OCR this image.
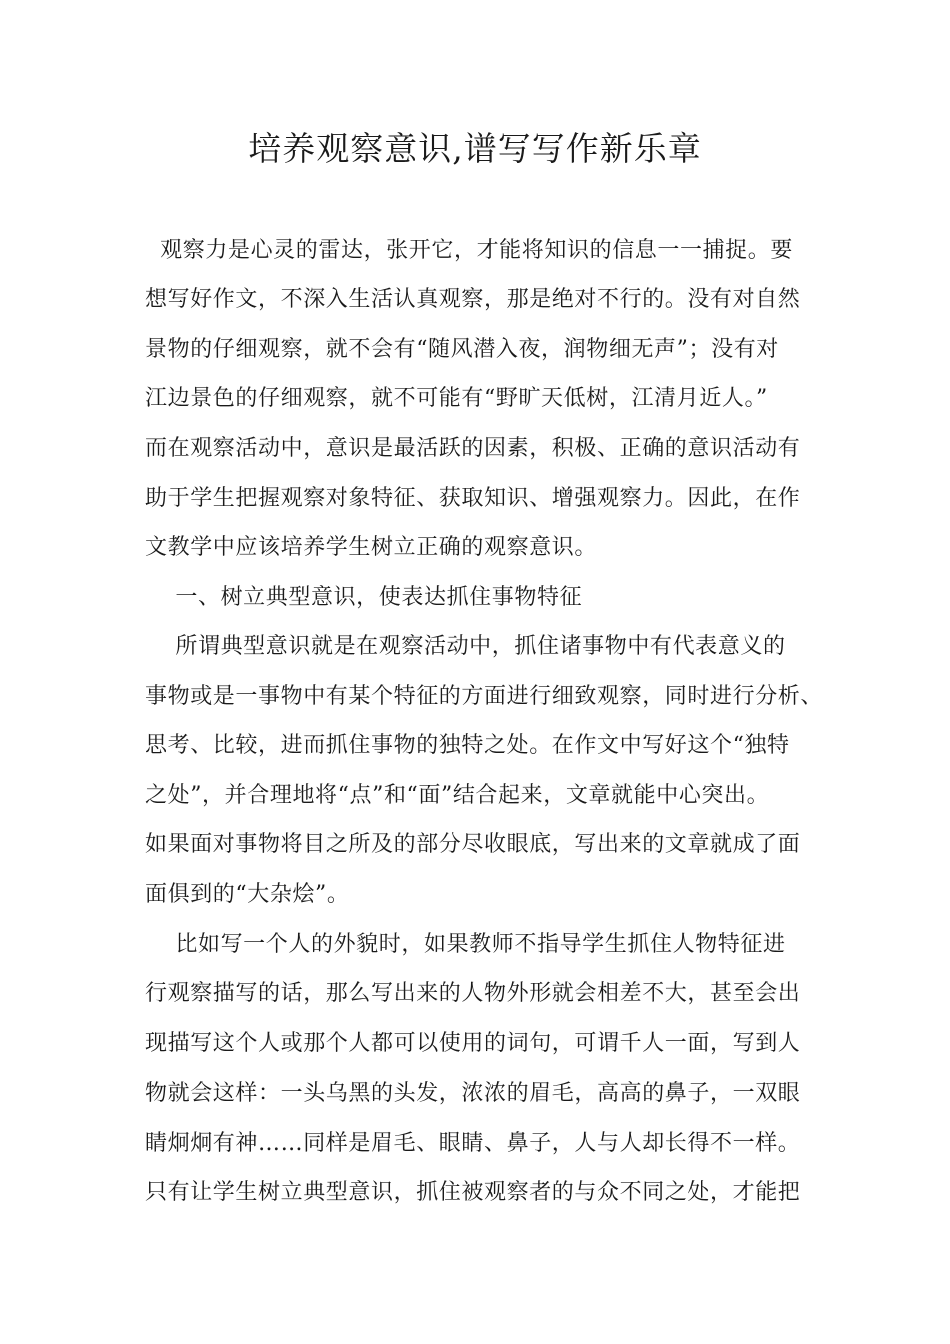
培养观察意识,谱写写作新乐章
观察力是心灵的雷达，张开它，才能将知识的信息一一捕捉。要
想写好作文，不深入生活认真观察，那是绝对不行的。没有对自然
景物的仔细观察，就不会有“随风潜入夜，润物细无声”；没有对
江边景色的仔细观察，就不可能有“野旷天低树，江清月近人。”
而在观察活动中，意识是最活跃的因素，积极、正确的意识活动有
助于学生把握观察对象特征、获取知识、增强观察力。因此，在作
文教学中应该培养学生树立正确的观察意识。
一、树立典型意识，使表达抓住事物特征
所谓典型意识就是在观察活动中，抓住诸事物中有代表意义的
事物或是一事物中有某个特征的方面进行细致观察，同时进行分析、
思考、比较，进而抓住事物的独特之处。在作文中写好这个“独特
之处”，并合理地将“点”和“面”结合起来，文章就能中心突出。
如果面对事物将目之所及的部分尽收眼底，写出来的文章就成了面
面俱到的“大杂烩”。
比如写一个人的外貌时，如果教师不指导学生抓住人物特征进
行观察描写的话，那么写出来的人物外形就会相差不大，甚至会出
现描写这个人或那个人都可以使用的词句，可谓千人一面，写到人
物就会这样：一头乌黑的头发，浓浓的眉毛，高高的鼻子，一双眼
睛炯炯有神……同样是眉毛、眼睛、鼻子，人与人却长得不一样。
只有让学生树立典型意识，抓住被观察者的与众不同之处，才能把
